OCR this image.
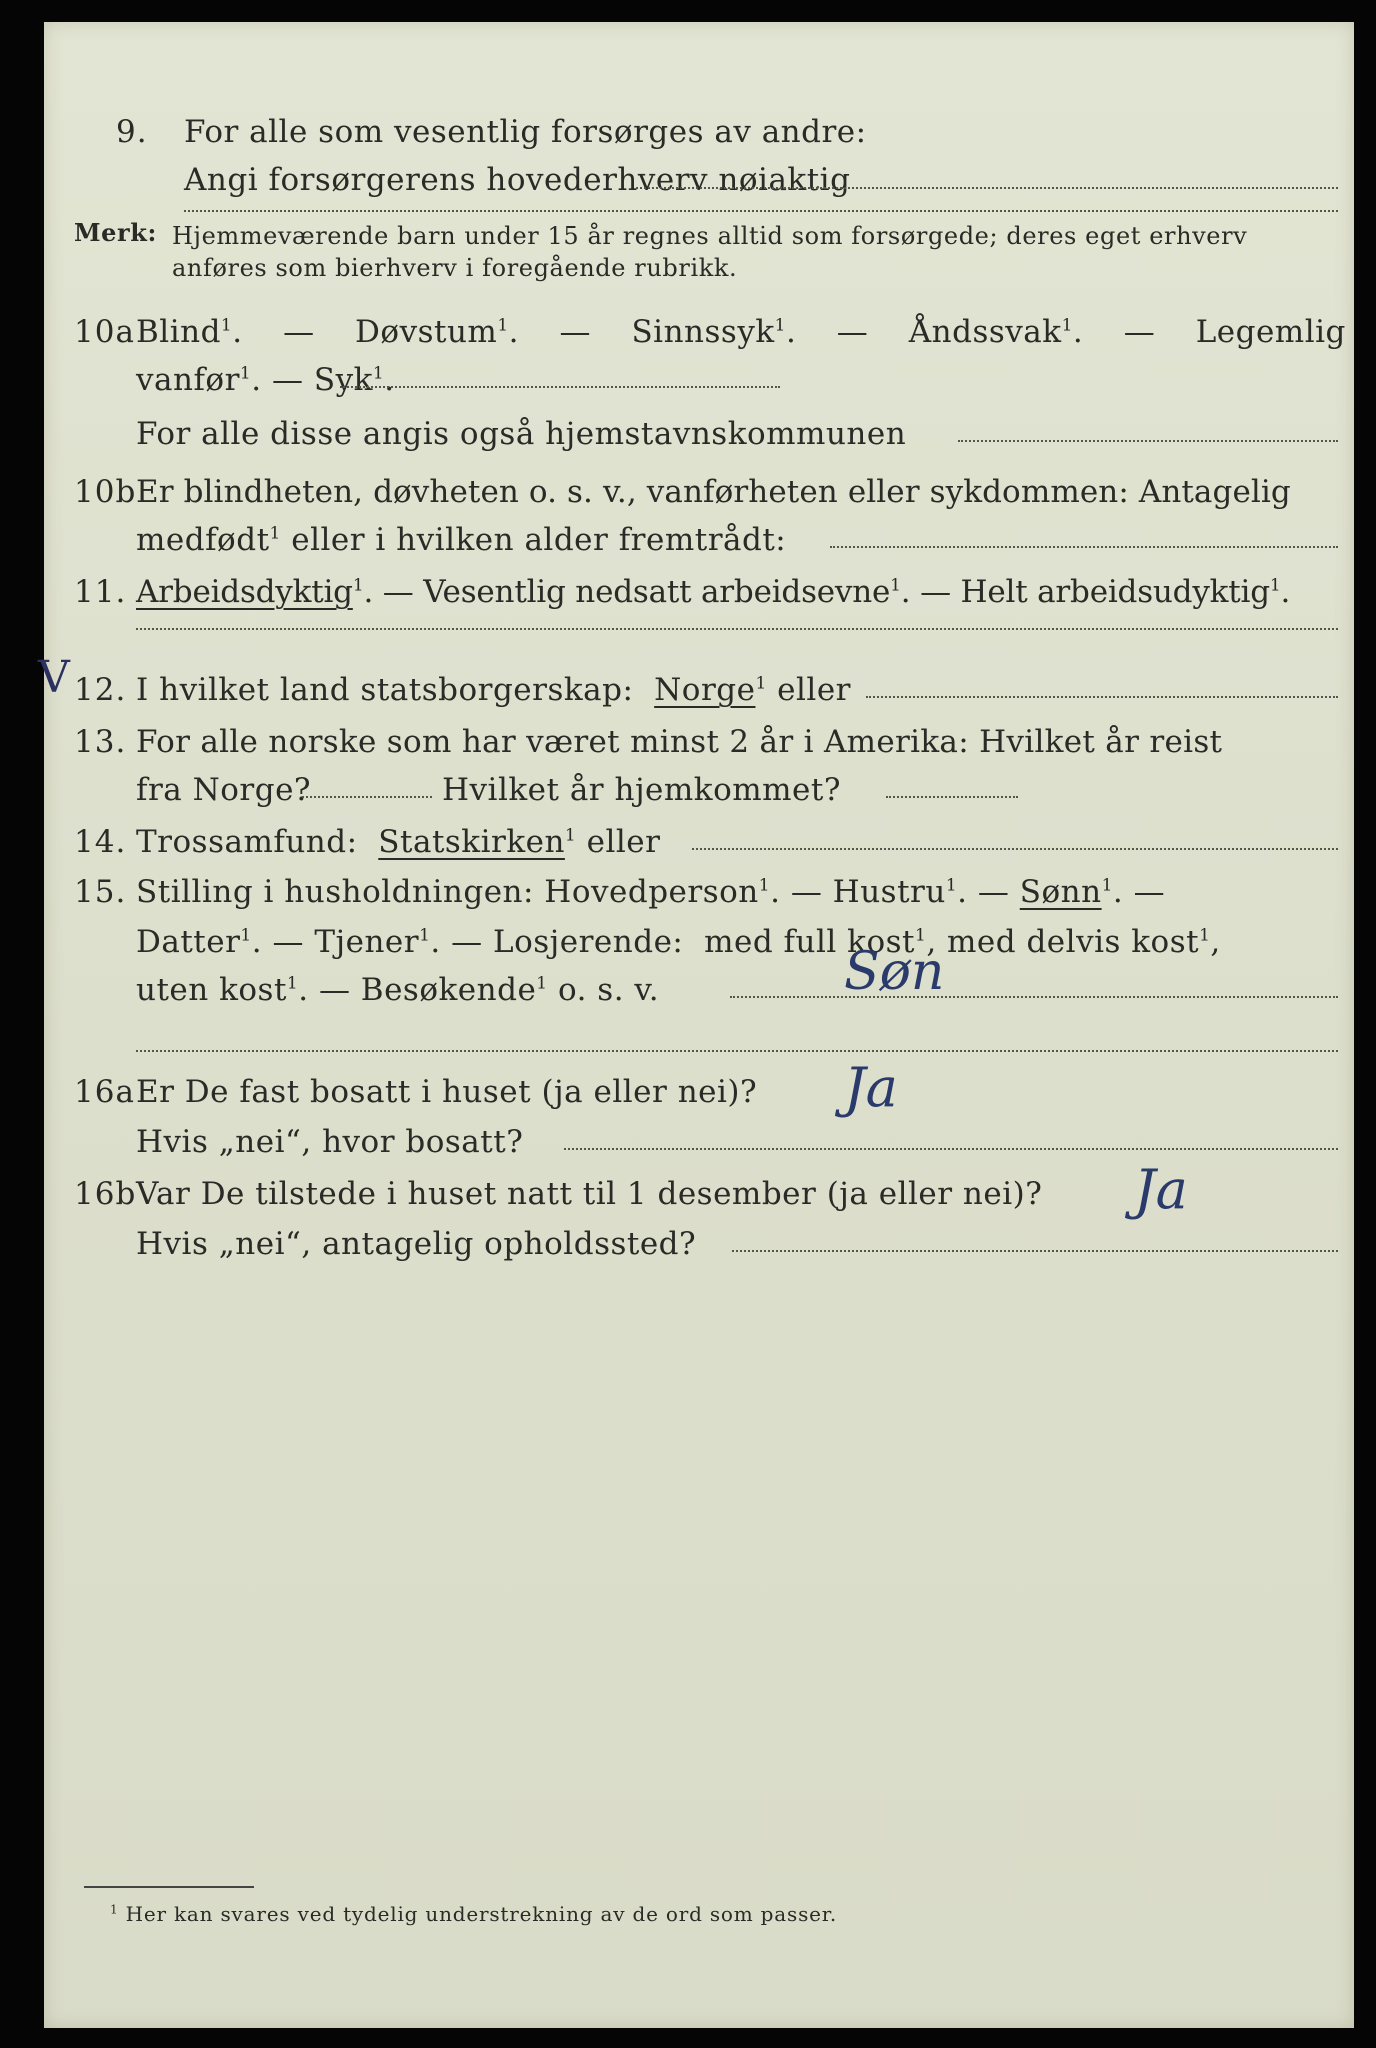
9. For alle som vesentlig forsørges av andre:
Angi forsørgerens hovederhverv nøiaktig
Merk: Hjemmeværende barn under 15 år regnes alltid som forsørgede; deres eget erhverv
anføres som bierhverv i foregående rubrikk.
10a Blind$^1$. — Døvstum$^1$. — Sinnssyk$^1$. — Åndssvak$^1$. — Legemlig
vanfør$^1$. — Syk$^1$.
For alle disse angis også hjemstavnskommunen
10b Er blindheten, døvheten o. s. v., vanførheten eller sykdommen: Antagelig
medfødt$^1$ eller i hvilken alder fremtrådt:
11. Arbeidsdyktig$^1$. — Vesentlig nedsatt arbeidsevne$^1$. — Helt arbeidsudyktig$^1$.
V 12. I hvilket land statsborgerskap: Norge$^1$ eller
13. For alle norske som har været minst 2 år i Amerika: Hvilket år reist
fra Norge?	Hvilket år hjemkommet?
14. Trossamfund: Statskirken$^1$ eller
15. Stilling i husholdningen: Hovedperson$^1$. — Hustru$^1$. — Sønn$^1$. —
Datter$^1$. — Tjener$^1$. — Losjerende: med full kost$^1$, med delvis kost$^1$,
uten kost$^1$. — Besøkende$^1$ o. s. v.	Søn
16a Er De fast bosatt i huset (ja eller nei)? Ja
Hvis „nei“, hvor bosatt?
16b Var De tilstede i huset natt til 1 desember (ja eller nei)? Ja
Hvis „nei“, antagelig opholdssted?
$^1$ Her kan svares ved tydelig understrekning av de ord som passer.
